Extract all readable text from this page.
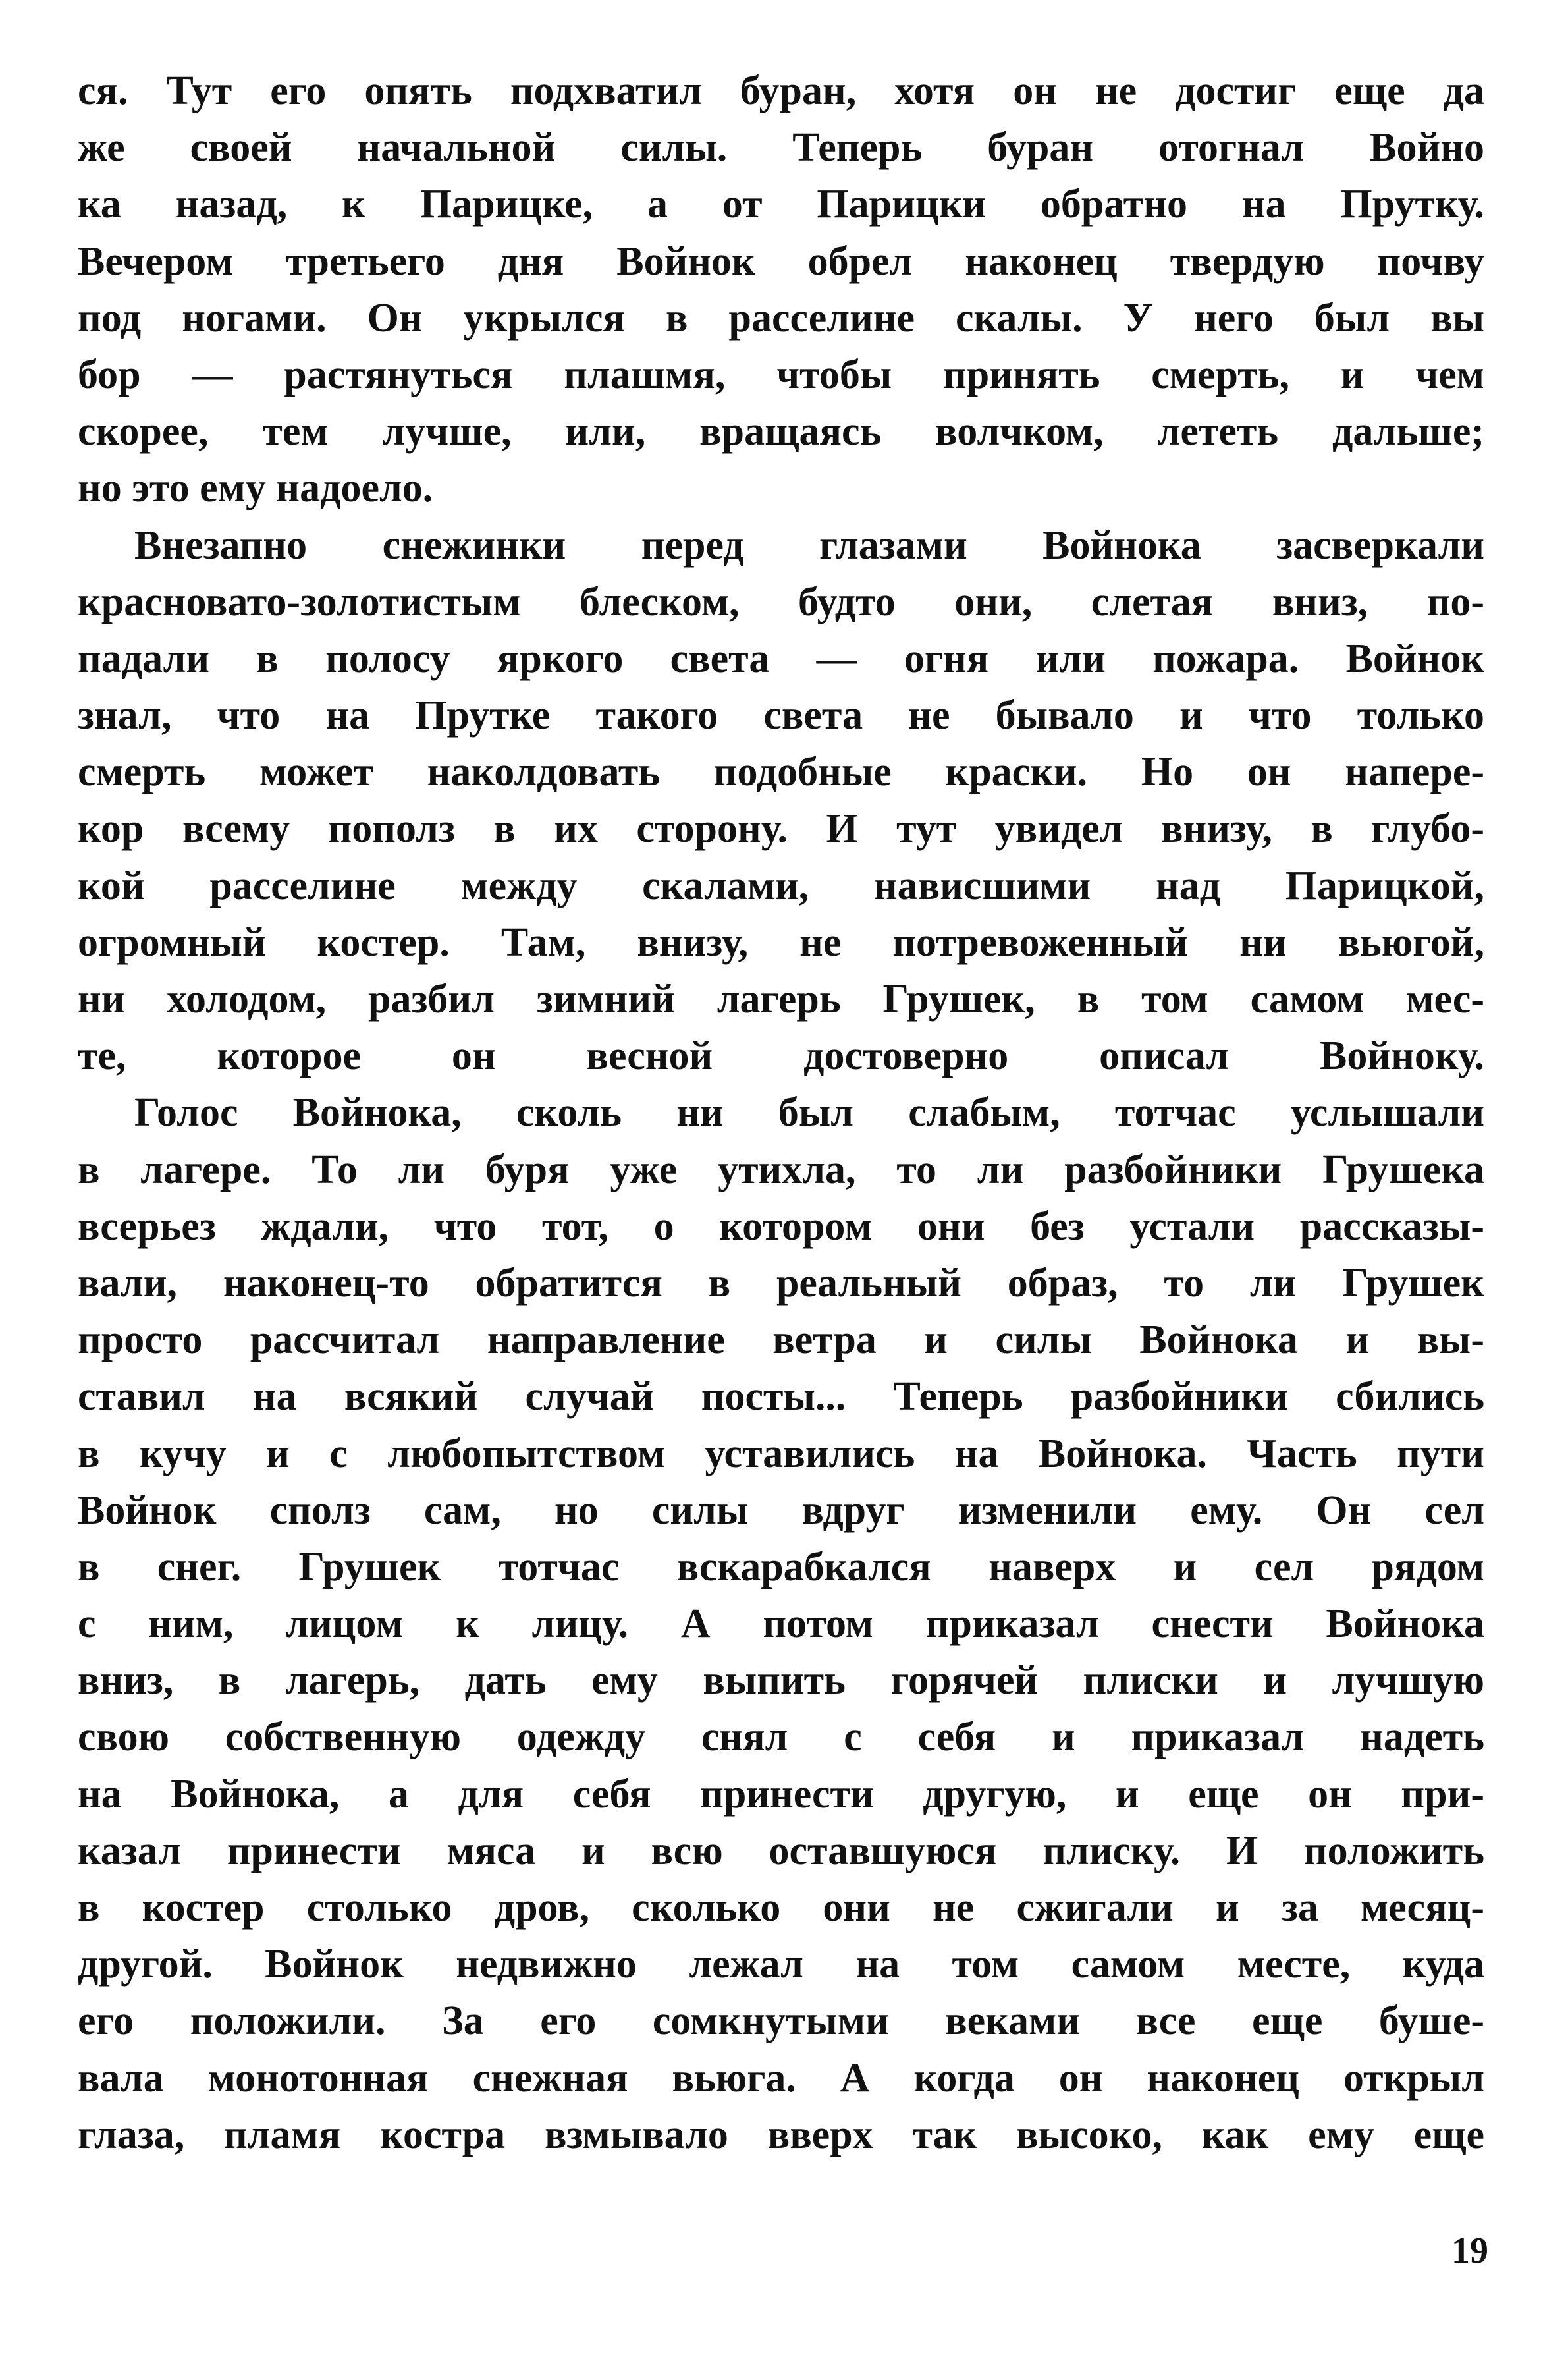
ся. Тут его опять подхватил буран, хотя он не достиг еще да
же своей начальной силы. Теперь буран отогнал Войно
ка назад, к Парицке, а от Парицки обратно на Прутку.
Вечером третьего дня Войнок обрел наконец твердую почву
под ногами. Он укрылся в расселине скалы. У него был вы
бор — растянуться плашмя, чтобы принять смерть, и чем
скорее, тем лучше, или, вращаясь волчком, лететь дальше;
но это ему надоело.
Внезапно снежинки перед глазами Войнока засверкали
красновато-золотистым блеском, будто они, слетая вниз, по-
падали в полосу яркого света — огня или пожара. Войнок
знал, что на Прутке такого света не бывало и что только
смерть может наколдовать подобные краски. Но он напере-
кор всему пополз в их сторону. И тут увидел внизу, в глубо-
кой расселине между скалами, нависшими над Парицкой,
огромный костер. Там, внизу, не потревоженный ни вьюгой,
ни холодом, разбил зимний лагерь Грушек, в том самом мес-
те, которое он весной достоверно описал Войноку.
Голос Войнока, сколь ни был слабым, тотчас услышали
в лагере. То ли буря уже утихла, то ли разбойники Грушека
всерьез ждали, что тот, о котором они без устали рассказы-
вали, наконец-то обратится в реальный образ, то ли Грушек
просто рассчитал направление ветра и силы Войнока и вы-
ставил на всякий случай посты... Теперь разбойники сбились
в кучу и с любопытством уставились на Войнока. Часть пути
Войнок сполз сам, но силы вдруг изменили ему. Он сел
в снег. Грушек тотчас вскарабкался наверх и сел рядом
с ним, лицом к лицу. А потом приказал снести Войнока
вниз, в лагерь, дать ему выпить горячей плиски и лучшую
свою собственную одежду снял с себя и приказал надеть
на Войнока, а для себя принести другую, и еще он при-
казал принести мяса и всю оставшуюся плиску. И положить
в костер столько дров, сколько они не сжигали и за месяц-
другой. Войнок недвижно лежал на том самом месте, куда
его положили. За его сомкнутыми веками все еще буше-
вала монотонная снежная вьюга. А когда он наконец открыл
глаза, пламя костра взмывало вверх так высоко, как ему еще
19
